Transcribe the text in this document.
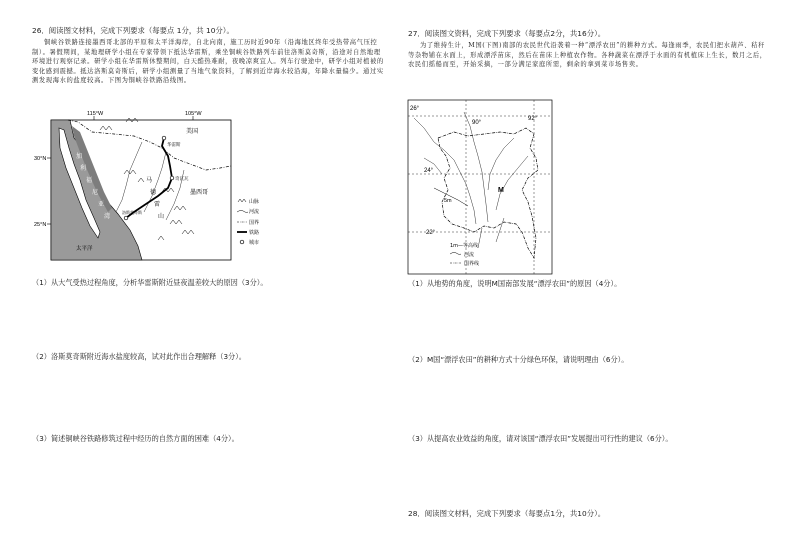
26．阅读图文材料，完成下列要求（每要点 1分，共 10分）。
铜峡谷铁路连接墨西哥北部的平原和太平洋海岸，自北向南，施工历时近90年（沿海地区终年受热带高气压控制）。暑假期间，某地理研学小组在专家带领下抵达华雷斯，乘坐铜峡谷铁路列车前往洛斯莫奇斯，沿途对自然地理环境进行观察记录。研学小组在华雷斯休整期间，白天酷热难耐，夜晚凉爽宜人。列车行驶途中，研学小组对植被的变化感到震撼。抵达洛斯莫奇斯后，研学小组测量了当地气象资料，了解到近岸海水较沿海，年降水量偏少。通过实测发现海水的盐度较高。下图为铜峡谷铁路沿线图。
115°W	105°W
30°N
25°N
美国
墨西哥
太平洋
加
利
福
尼
亚
湾
马
德
雷
山
华雷斯
奇瓦瓦
洛斯莫奇斯
山脉
河流
国界
铁路
城市
（1）从大气受热过程角度，分析华雷斯附近昼夜温差较大的原因（3分）。
（2）洛斯莫奇斯附近海水盐度较高，试对此作出合理解释（3分）。
（3）简述铜峡谷铁路修筑过程中经历的自然方面的困难（4分）。
27．阅读图文资料，完成下列要求（每要点2分，共16分）。
为了维持生计，M国(下图)南部的农民世代沿袭着一种“漂浮农田”的耕种方式。每逢雨季，农民们把水葫芦、秸秆等杂物铺在水面上，形成漂浮苗床，然后在苗床上种植农作物。各种蔬菜在漂浮于水面的有机植床上生长，数月之后，农民们摇船而至，开始采摘，一部分满足家庭所需，剩余的拿到菜市场售卖。
26°
24°
22°
90°
92°
5m
M
1m—等高线
河流
国界线
（1）从地势的角度，说明M国南部发展“漂浮农田”的原因（4分）。
（2）M国“漂浮农田”的耕种方式十分绿色环保，请说明理由（6分）。
（3）从提高农业效益的角度，请对该国“漂浮农田”发展提出可行性的建议（6分）。
28．阅读图文材料，完成下列要求（每要点1分，共10分）。
